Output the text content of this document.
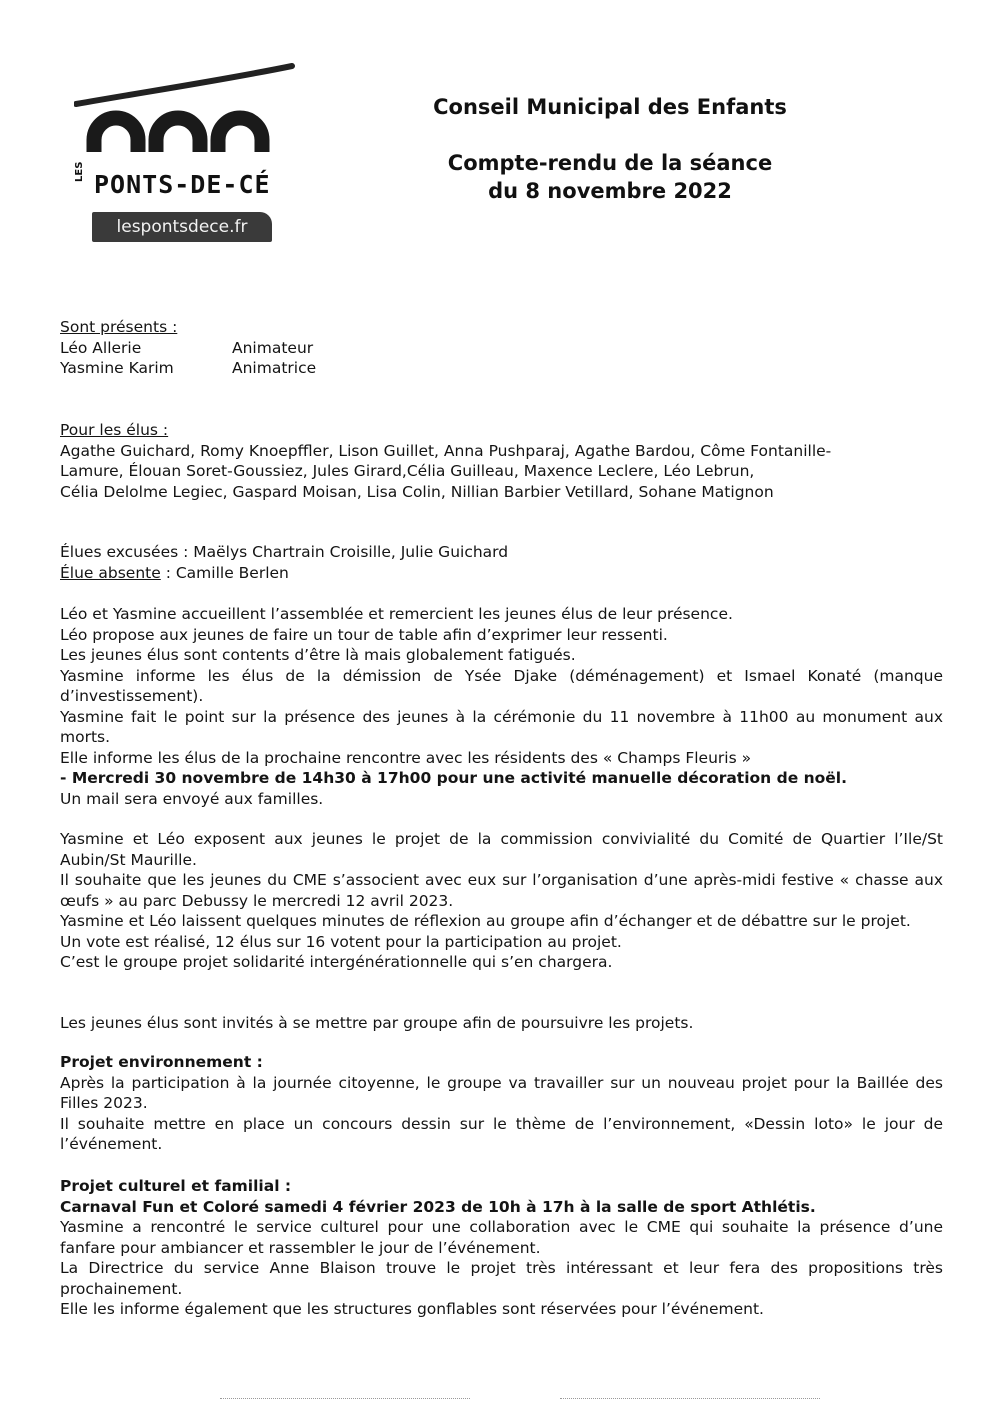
LES PONTS-DE-CÉ
lespontsdece.fr
Conseil Municipal des Enfants
Compte-rendu de la séance
du 8 novembre 2022

Sont présents :

Léo Allerie	Animateur
Yasmine Karim	Animatrice

Pour les élus :

Agathe Guichard, Romy Knoepffler, Lison Guillet, Anna Pushparaj, Agathe Bardou, Côme Fontanille-

Lamure, Élouan Soret-Goussiez, Jules Girard,Célia Guilleau, Maxence Leclere, Léo Lebrun,

Célia Delolme Legiec, Gaspard Moisan, Lisa Colin, Nillian Barbier Vetillard, Sohane Matignon

Élues excusées : Maëlys Chartrain Croisille, Julie Guichard

Élue absente : Camille Berlen

Léo et Yasmine accueillent l’assemblée et remercient les jeunes élus de leur présence.

Léo propose aux jeunes de faire un tour de table afin d’exprimer leur ressenti.

Les jeunes élus sont contents d’être là mais globalement fatigués.

Yasmine informe les élus de la démission de Ysée Djake (déménagement) et Ismael Konaté (manque d’investissement).

Yasmine fait le point sur la présence des jeunes à la cérémonie du 11 novembre à 11h00 au monument aux morts.

Elle informe les élus de la prochaine rencontre avec les résidents des « Champs Fleuris »

- Mercredi 30 novembre de 14h30 à 17h00 pour une activité manuelle décoration de noël.

Un mail sera envoyé aux familles.

Yasmine et Léo exposent aux jeunes le projet de la commission convivialité du Comité de Quartier l’Ile/St Aubin/St Maurille.

Il souhaite que les jeunes du CME s’associent avec eux sur l’organisation d’une après-midi festive « chasse aux œufs » au parc Debussy le mercredi 12 avril 2023.

Yasmine et Léo laissent quelques minutes de réflexion au groupe afin d’échanger et de débattre sur le projet.

Un vote est réalisé, 12 élus sur 16 votent pour la participation au projet.

C’est le groupe projet solidarité intergénérationnelle qui s’en chargera.

Les jeunes élus sont invités à se mettre par groupe afin de poursuivre les projets.

Projet environnement :

Après la participation à la journée citoyenne, le groupe va travailler sur un nouveau projet pour la Baillée des Filles 2023.

Il souhaite mettre en place un concours dessin sur le thème de l’environnement, «Dessin loto» le jour de l’événement.

Projet culturel et familial :

Carnaval Fun et Coloré samedi 4 février 2023 de 10h à 17h à la salle de sport Athlétis.

Yasmine a rencontré le service culturel pour une collaboration avec le CME qui souhaite la présence d’une fanfare pour ambiancer et rassembler le jour de l’événement.

La Directrice du service Anne Blaison trouve le projet très intéressant et leur fera des propositions très prochainement.

Elle les informe également que les structures gonflables sont réservées pour l’événement.
